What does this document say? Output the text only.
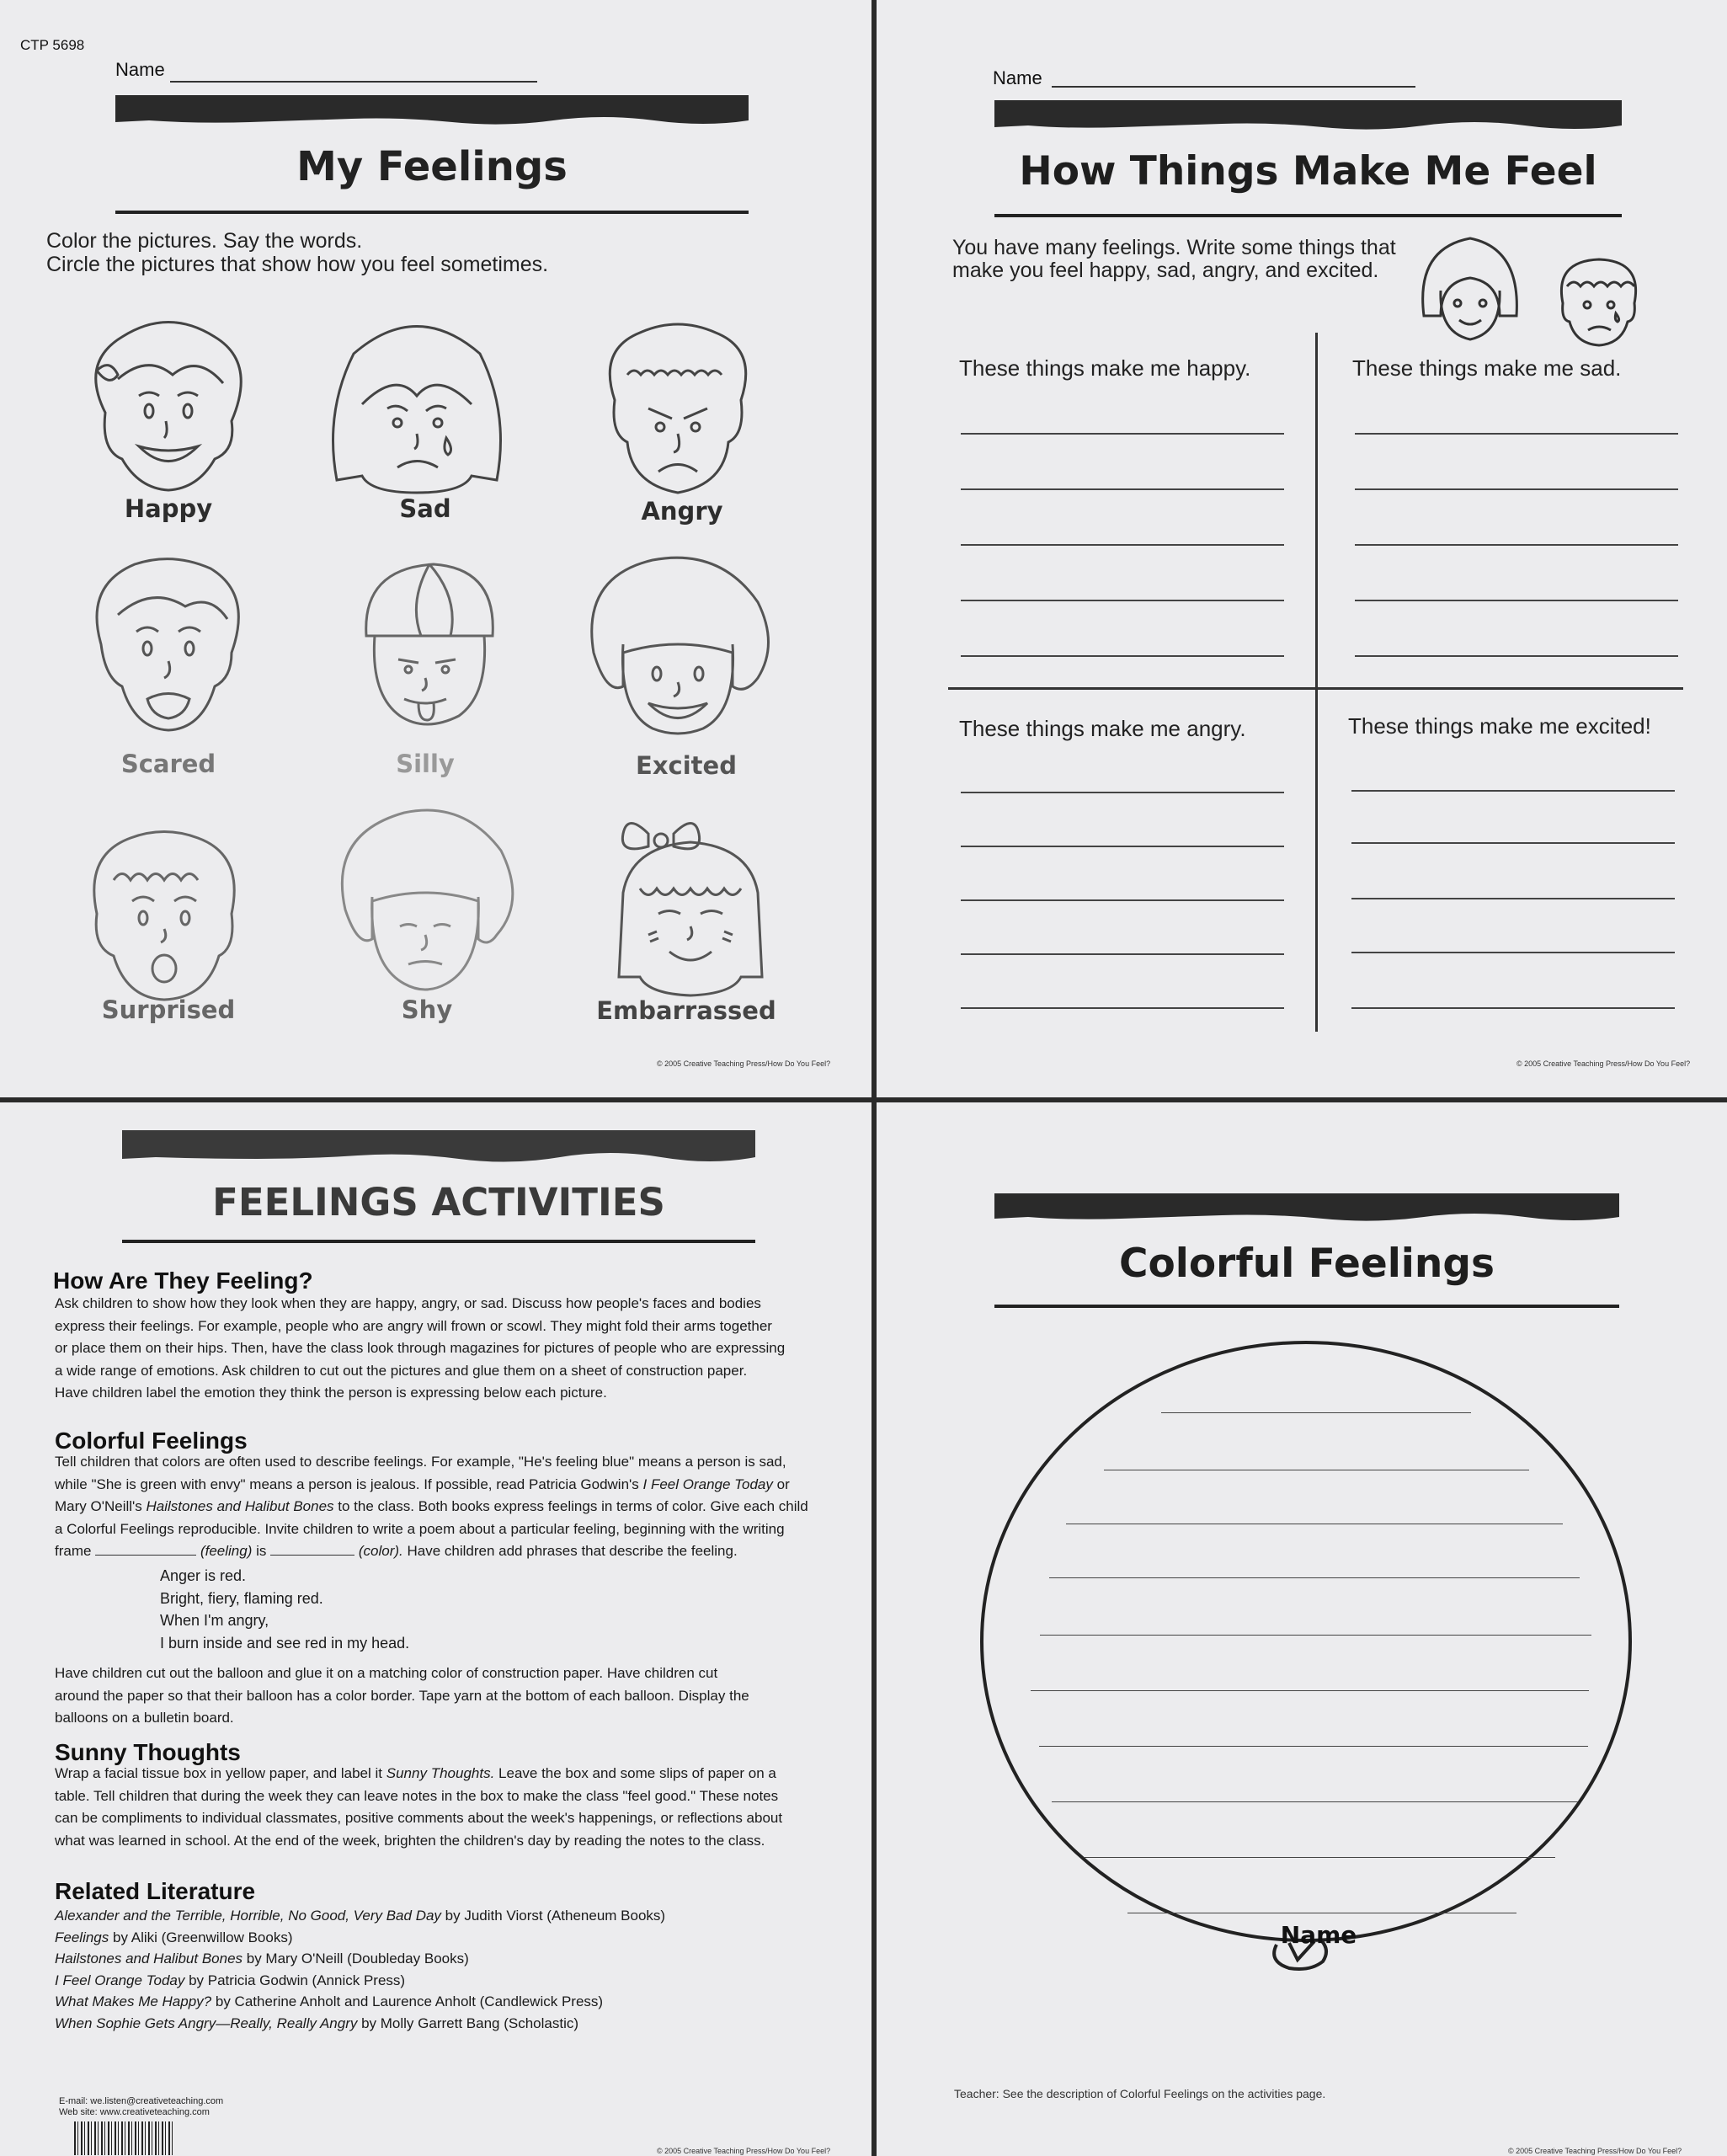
CTP 5698
Name
My Feelings
Color the pictures. Say the words.
Circle the pictures that show how you feel sometimes.
Happy	Sad	Angry
Scared	Silly	Excited
Surprised	Shy	Embarrassed
© 2005 Creative Teaching Press/How Do You Feel?
Name
How Things Make Me Feel
You have many feelings. Write some things that
make you feel happy, sad, angry, and excited.
These things make me happy.	These things make me sad.
These things make me angry.	These things make me excited!
© 2005 Creative Teaching Press/How Do You Feel?
FEELINGS ACTIVITIES
How Are They Feeling?
Ask children to show how they look when they are happy, angry, or sad. Discuss how people's faces and bodies
express their feelings. For example, people who are angry will frown or scowl. They might fold their arms together
or place them on their hips. Then, have the class look through magazines for pictures of people who are expressing
a wide range of emotions. Ask children to cut out the pictures and glue them on a sheet of construction paper.
Have children label the emotion they think the person is expressing below each picture.
Colorful Feelings
Tell children that colors are often used to describe feelings. For example, "He's feeling blue" means a person is sad,
while "She is green with envy" means a person is jealous. If possible, read Patricia Godwin's I Feel Orange Today or
Mary O'Neill's Hailstones and Halibut Bones to the class. Both books express feelings in terms of color. Give each child
a Colorful Feelings reproducible. Invite children to write a poem about a particular feeling, beginning with the writing
frame	(feeling) is	(color). Have children add phrases that describe the feeling.
Anger is red.
Bright, fiery, flaming red.
When I'm angry,
I burn inside and see red in my head.
Have children cut out the balloon and glue it on a matching color of construction paper. Have children cut
around the paper so that their balloon has a color border. Tape yarn at the bottom of each balloon. Display the
balloons on a bulletin board.
Sunny Thoughts
Wrap a facial tissue box in yellow paper, and label it Sunny Thoughts. Leave the box and some slips of paper on a
table. Tell children that during the week they can leave notes in the box to make the class "feel good." These notes
can be compliments to individual classmates, positive comments about the week's happenings, or reflections about
what was learned in school. At the end of the week, brighten the children's day by reading the notes to the class.
Related Literature
Alexander and the Terrible, Horrible, No Good, Very Bad Day by Judith Viorst (Atheneum Books)
Feelings by Aliki (Greenwillow Books)
Hailstones and Halibut Bones by Mary O'Neill (Doubleday Books)
I Feel Orange Today by Patricia Godwin (Annick Press)
What Makes Me Happy? by Catherine Anholt and Laurence Anholt (Candlewick Press)
When Sophie Gets Angry—Really, Really Angry by Molly Garrett Bang (Scholastic)
E-mail: we.listen@creativeteaching.com
Web site: www.creativeteaching.com
© 2005 Creative Teaching Press/How Do You Feel?
Colorful Feelings
Name
Teacher: See the description of Colorful Feelings on the activities page.
© 2005 Creative Teaching Press/How Do You Feel?
